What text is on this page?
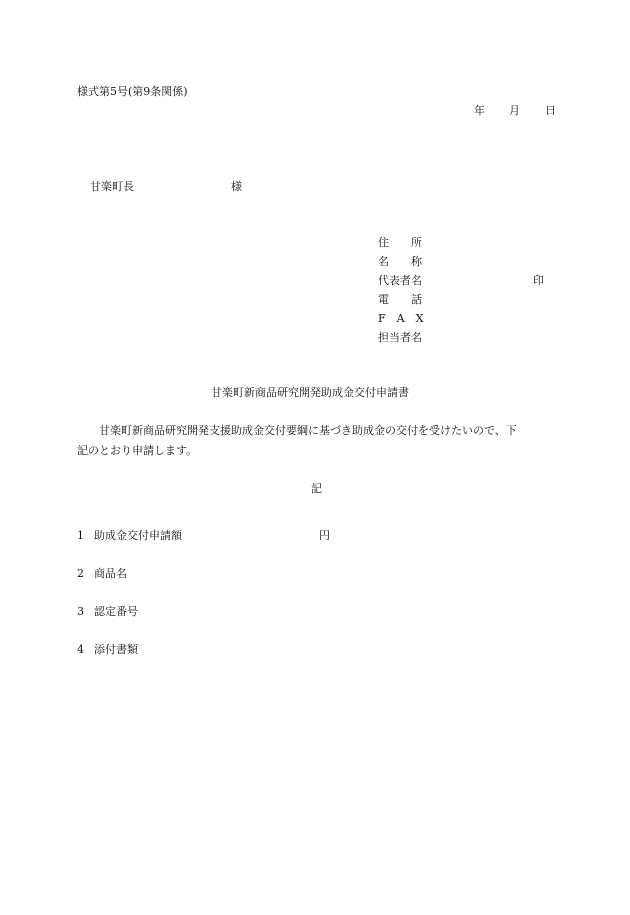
様式第5号(第9条関係)

年 月 日
甘楽町長	様
住　　所
名　　称
代表者名	印
電　　話
F　A　X
担当者名

甘楽町新商品研究開発助成金交付申請書

甘楽町新商品研究開発支援助成金交付要綱に基づき助成金の交付を受けたいので、下

記のとおり申請します。

記

1 助成金交付申請額	円
2 商品名
3 認定番号
4 添付書類
